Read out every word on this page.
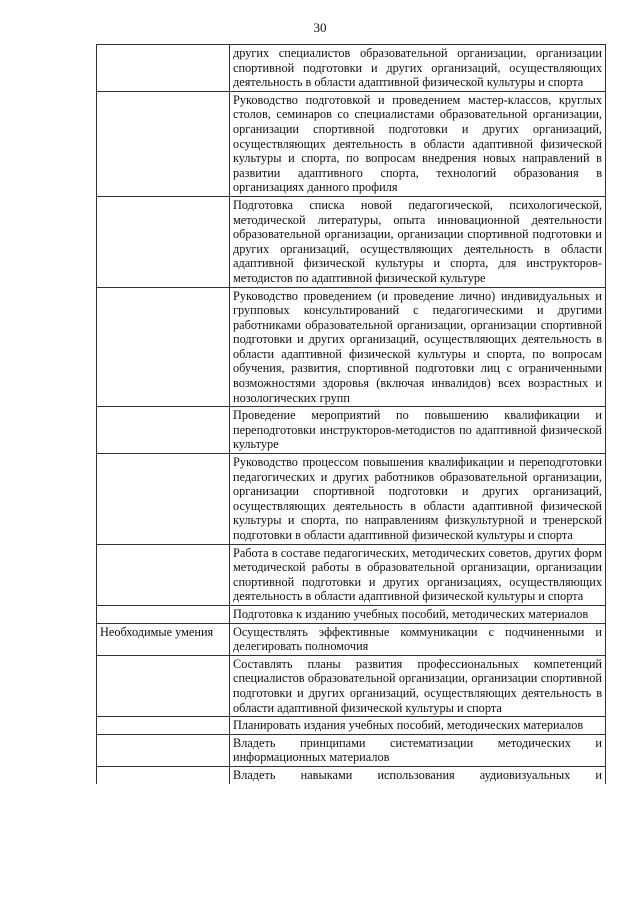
30
	других специалистов образовательной организации, организации спортивной подготовки и других организаций, осуществляющих деятельность в области адаптивной физической культуры и спорта
	Руководство подготовкой и проведением мастер-классов, круглых столов, семинаров со специалистами образовательной организации, организации спортивной подготовки и других организаций, осуществляющих деятельность в области адаптивной физической культуры и спорта, по вопросам внедрения новых направлений в развитии адаптивного спорта, технологий образования в организациях данного профиля
	Подготовка списка новой педагогической, психологической, методической литературы, опыта инновационной деятельности образовательной организации, организации спортивной подготовки и других организаций, осуществляющих деятельность в области адаптивной физической культуры и спорта, для инструкторов-методистов по адаптивной физической культуре
	Руководство проведением (и проведение лично) индивидуальных и групповых консультирований с педагогическими и другими работниками образовательной организации, организации спортивной подготовки и других организаций, осуществляющих деятельность в области адаптивной физической культуры и спорта, по вопросам обучения, развития, спортивной подготовки лиц с ограниченными возможностями здоровья (включая инвалидов) всех возрастных и нозологических групп
	Проведение мероприятий по повышению квалификации и переподготовки инструкторов-методистов по адаптивной физической культуре
	Руководство процессом повышения квалификации и переподготовки педагогических и других работников образовательной организации, организации спортивной подготовки и других организаций, осуществляющих деятельность в области адаптивной физической культуры и спорта, по направлениям физкультурной и тренерской подготовки в области адаптивной физической культуры и спорта
	Работа в составе педагогических, методических советов, других форм методической работы в образовательной организации, организации спортивной подготовки и других организациях, осуществляющих деятельность в области адаптивной физической культуры и спорта
	Подготовка к изданию учебных пособий, методических материалов
Необходимые умения	Осуществлять эффективные коммуникации с подчиненными и делегировать полномочия
	Составлять планы развития профессиональных компетенций специалистов образовательной организации, организации спортивной подготовки и других организаций, осуществляющих деятельность в области адаптивной физической культуры и спорта
	Планировать издания учебных пособий, методических материалов
	Владеть принципами систематизации методических и информационных материалов
	Владеть навыками использования аудиовизуальных и
